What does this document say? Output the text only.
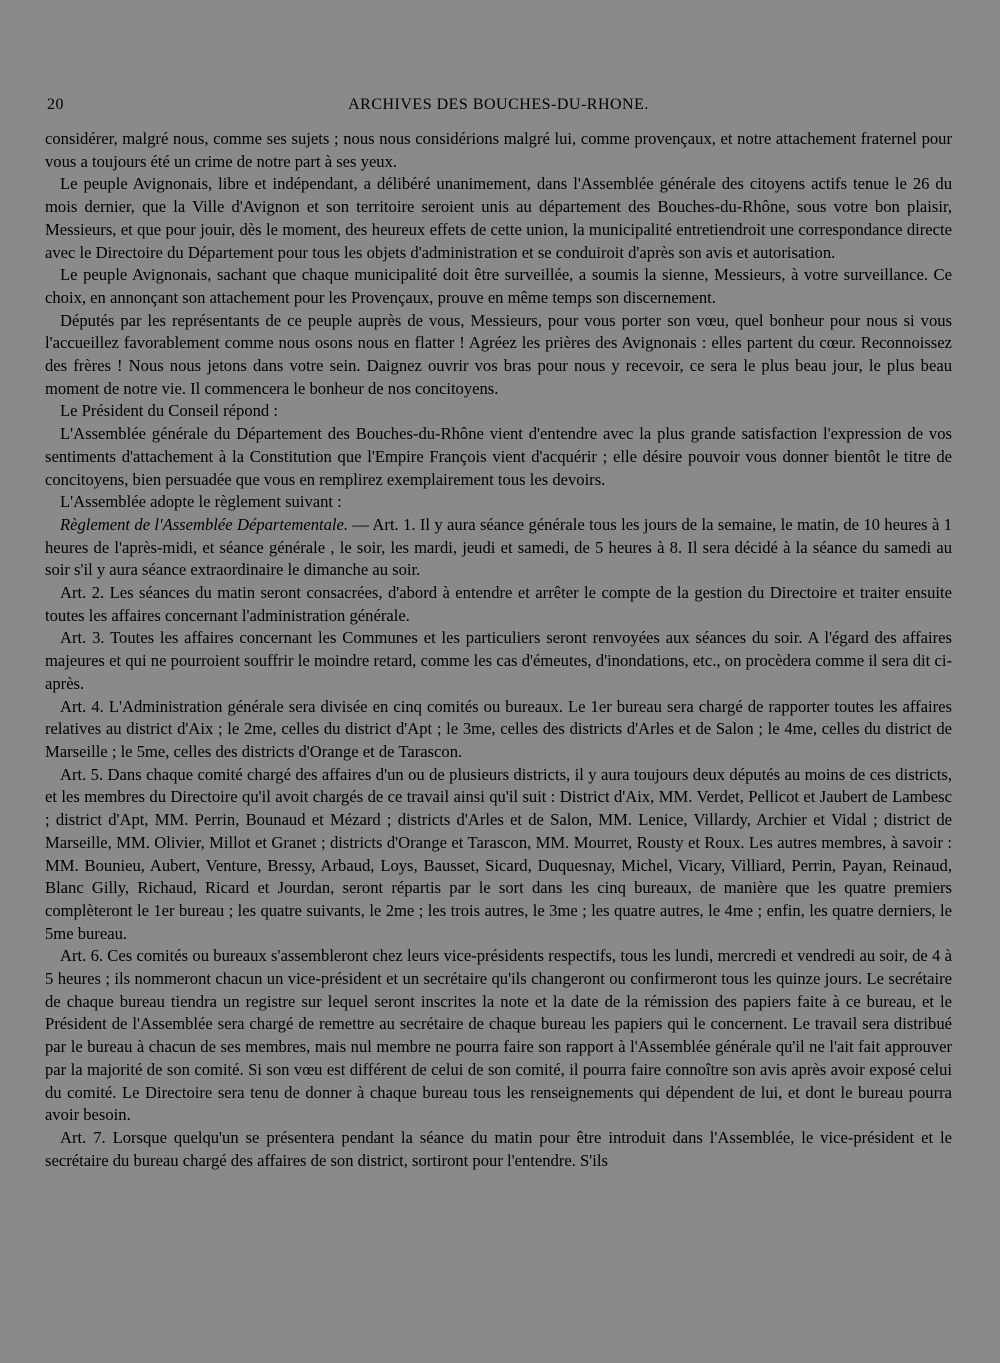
20	ARCHIVES DES BOUCHES-DU-RHONE.

considérer, malgré nous, comme ses sujets ; nous nous considérions malgré lui, comme provençaux, et notre attachement fraternel pour vous a toujours été un crime de notre part à ses yeux.

Le peuple Avignonais, libre et indépendant, a délibéré unanimement, dans l'Assemblée générale des citoyens actifs tenue le 26 du mois dernier, que la Ville d'Avignon et son territoire seroient unis au département des Bouches-du-Rhône, sous votre bon plaisir, Messieurs, et que pour jouir, dès le moment, des heureux effets de cette union, la municipalité entretiendroit une correspondance directe avec le Directoire du Département pour tous les objets d'administration et se conduiroit d'après son avis et autorisation.

Le peuple Avignonais, sachant que chaque municipalité doit être surveillée, a soumis la sienne, Messieurs, à votre surveillance. Ce choix, en annonçant son attachement pour les Provençaux, prouve en même temps son discernement.

Députés par les représentants de ce peuple auprès de vous, Messieurs, pour vous porter son vœu, quel bonheur pour nous si vous l'accueillez favorablement comme nous osons nous en flatter ! Agréez les prières des Avignonais : elles partent du cœur. Reconnoissez des frères ! Nous nous jetons dans votre sein. Daignez ouvrir vos bras pour nous y recevoir, ce sera le plus beau jour, le plus beau moment de notre vie. Il commencera le bonheur de nos concitoyens.

Le Président du Conseil répond :

L'Assemblée générale du Département des Bouches-du-Rhône vient d'entendre avec la plus grande satisfaction l'expression de vos sentiments d'attachement à la Constitution que l'Empire François vient d'acquérir ; elle désire pouvoir vous donner bientôt le titre de concitoyens, bien persuadée que vous en remplirez exemplairement tous les devoirs.

L'Assemblée adopte le règlement suivant :

Règlement de l'Assemblée Départementale. — Art. 1. Il y aura séance générale tous les jours de la semaine, le matin, de 10 heures à 1 heures de l'après-midi, et séance générale , le soir, les mardi, jeudi et samedi, de 5 heures à 8. Il sera décidé à la séance du samedi au soir s'il y aura séance extraordinaire le dimanche au soir.

Art. 2. Les séances du matin seront consacrées, d'abord à entendre et arrêter le compte de la gestion du Directoire et traiter ensuite toutes les affaires concernant l'administration générale.

Art. 3. Toutes les affaires concernant les Communes et les particuliers seront renvoyées aux séances du soir. A l'égard des affaires majeures et qui ne pourroient souffrir le moindre retard, comme les cas d'émeutes, d'inondations, etc., on procèdera comme il sera dit ci-après.

Art. 4. L'Administration générale sera divisée en cinq comités ou bureaux. Le 1er bureau sera chargé de rapporter toutes les affaires relatives au district d'Aix ; le 2me, celles du district d'Apt ; le 3me, celles des districts d'Arles et de Salon ; le 4me, celles du district de Marseille ; le 5me, celles des districts d'Orange et de Tarascon.

Art. 5. Dans chaque comité chargé des affaires d'un ou de plusieurs districts, il y aura toujours deux députés au moins de ces districts, et les membres du Directoire qu'il avoit chargés de ce travail ainsi qu'il suit : District d'Aix, MM. Verdet, Pellicot et Jaubert de Lambesc ; district d'Apt, MM. Perrin, Bounaud et Mézard ; districts d'Arles et de Salon, MM. Lenice, Villardy, Archier et Vidal ; district de Marseille, MM. Olivier, Millot et Granet ; districts d'Orange et Tarascon, MM. Mourret, Rousty et Roux. Les autres membres, à savoir : MM. Bounieu, Aubert, Venture, Bressy, Arbaud, Loys, Bausset, Sicard, Duquesnay, Michel, Vicary, Villiard, Perrin, Payan, Reinaud, Blanc Gilly, Richaud, Ricard et Jourdan, seront répartis par le sort dans les cinq bureaux, de manière que les quatre premiers complèteront le 1er bureau ; les quatre suivants, le 2me ; les trois autres, le 3me ; les quatre autres, le 4me ; enfin, les quatre derniers, le 5me bureau.

Art. 6. Ces comités ou bureaux s'assembleront chez leurs vice-présidents respectifs, tous les lundi, mercredi et vendredi au soir, de 4 à 5 heures ; ils nommeront chacun un vice-président et un secrétaire qu'ils changeront ou confirmeront tous les quinze jours. Le secrétaire de chaque bureau tiendra un registre sur lequel seront inscrites la note et la date de la rémission des papiers faite à ce bureau, et le Président de l'Assemblée sera chargé de remettre au secrétaire de chaque bureau les papiers qui le concernent. Le travail sera distribué par le bureau à chacun de ses membres, mais nul membre ne pourra faire son rapport à l'Assemblée générale qu'il ne l'ait fait approuver par la majorité de son comité. Si son vœu est différent de celui de son comité, il pourra faire connoître son avis après avoir exposé celui du comité. Le Directoire sera tenu de donner à chaque bureau tous les renseignements qui dépendent de lui, et dont le bureau pourra avoir besoin.

Art. 7. Lorsque quelqu'un se présentera pendant la séance du matin pour être introduit dans l'Assemblée, le vice-président et le secrétaire du bureau chargé des affaires de son district, sortiront pour l'entendre. S'ils
